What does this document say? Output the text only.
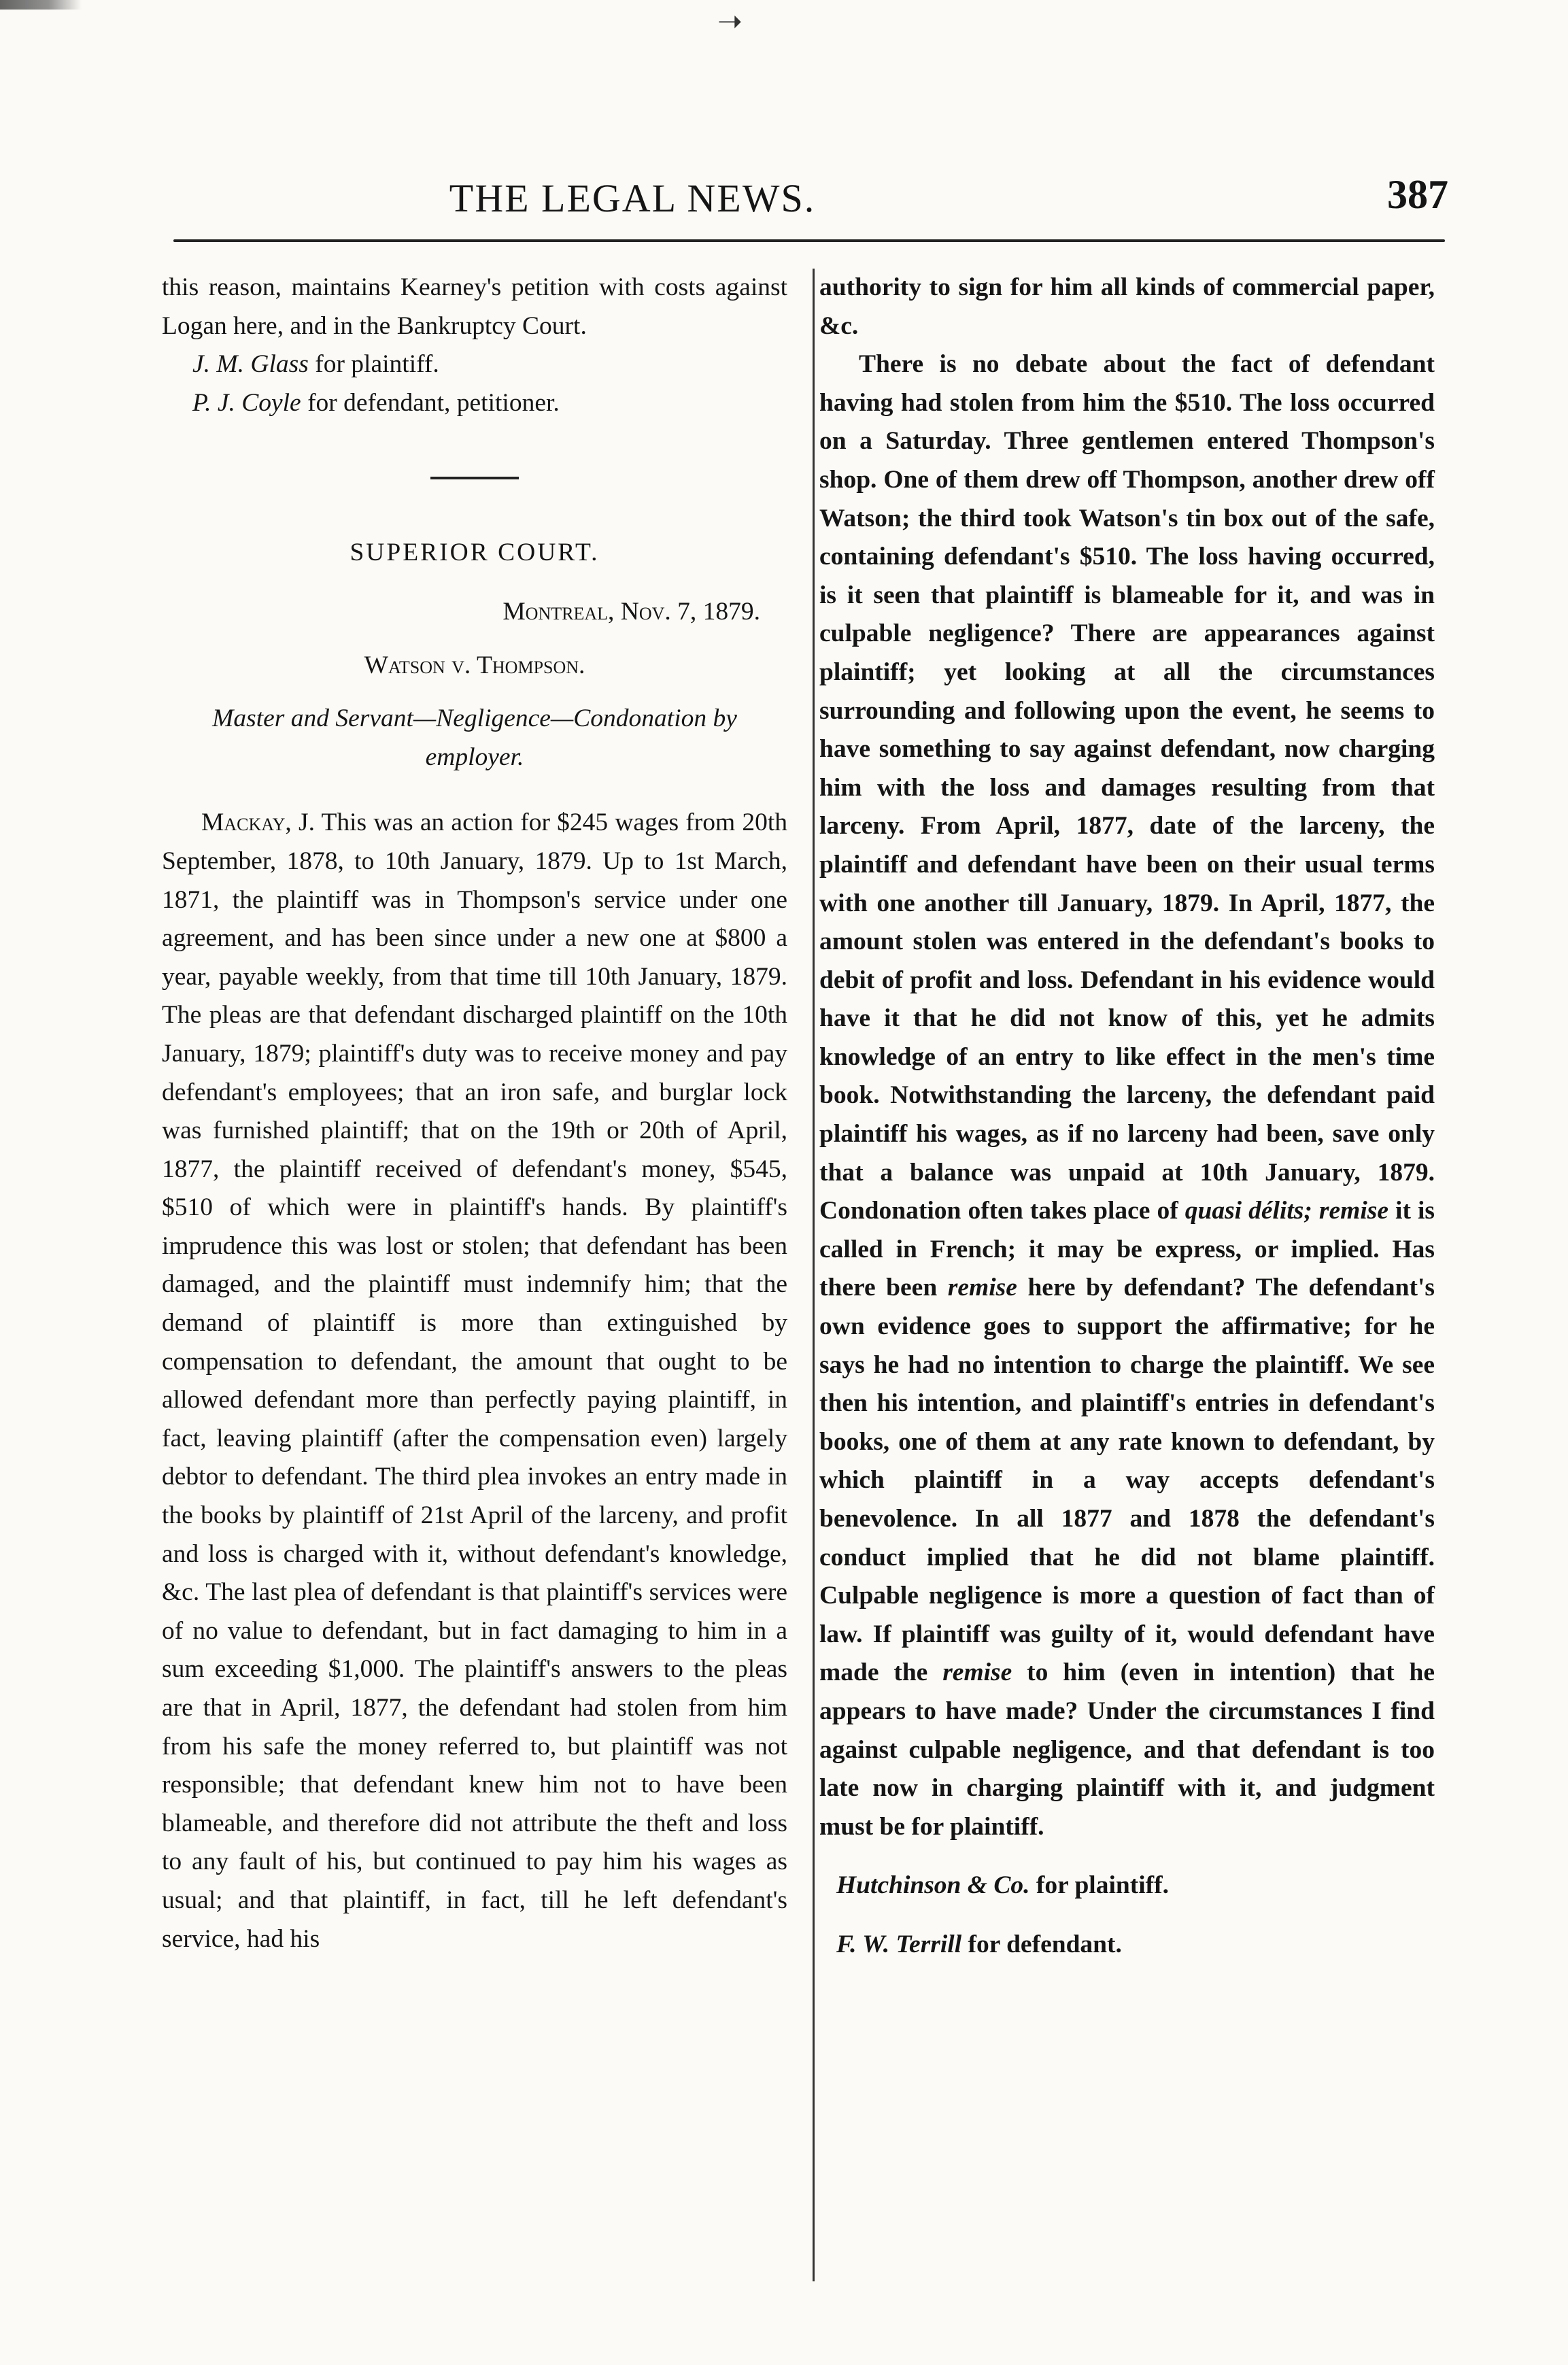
➝
THE LEGAL NEWS.	387

this reason, maintains Kearney's petition with costs against Logan here, and in the Bankruptcy Court.

J. M. Glass for plaintiff.

P. J. Coyle for defendant, petitioner.

SUPERIOR COURT.

Montreal, Nov. 7, 1879.

Watson v. Thompson.

Master and Servant—Negligence—Condonation by employer.

Mackay, J. This was an action for $245 wages from 20th September, 1878, to 10th January, 1879. Up to 1st March, 1871, the plaintiff was in Thompson's service under one agreement, and has been since under a new one at $800 a year, payable weekly, from that time till 10th January, 1879. The pleas are that defendant discharged plaintiff on the 10th January, 1879; plaintiff's duty was to receive money and pay defendant's employees; that an iron safe, and burglar lock was furnished plaintiff; that on the 19th or 20th of April, 1877, the plaintiff received of defendant's money, $545, $510 of which were in plaintiff's hands. By plaintiff's imprudence this was lost or stolen; that defendant has been damaged, and the plaintiff must indemnify him; that the demand of plaintiff is more than extinguished by compensation to defendant, the amount that ought to be allowed defendant more than perfectly paying plaintiff, in fact, leaving plaintiff (after the compensation even) largely debtor to defendant. The third plea invokes an entry made in the books by plaintiff of 21st April of the larceny, and profit and loss is charged with it, without defendant's knowledge, &c. The last plea of defendant is that plaintiff's services were of no value to defendant, but in fact damaging to him in a sum exceeding $1,000. The plaintiff's answers to the pleas are that in April, 1877, the defendant had stolen from him from his safe the money referred to, but plaintiff was not responsible; that defendant knew him not to have been blameable, and therefore did not attribute the theft and loss to any fault of his, but continued to pay him his wages as usual; and that plaintiff, in fact, till he left defendant's service, had his

authority to sign for him all kinds of commercial paper, &c.

There is no debate about the fact of defendant having had stolen from him the $510. The loss occurred on a Saturday. Three gentlemen entered Thompson's shop. One of them drew off Thompson, another drew off Watson; the third took Watson's tin box out of the safe, containing defendant's $510. The loss having occurred, is it seen that plaintiff is blameable for it, and was in culpable negligence? There are appearances against plaintiff; yet looking at all the circumstances surrounding and following upon the event, he seems to have something to say against defendant, now charging him with the loss and damages resulting from that larceny. From April, 1877, date of the larceny, the plaintiff and defendant have been on their usual terms with one another till January, 1879. In April, 1877, the amount stolen was entered in the defendant's books to debit of profit and loss. Defendant in his evidence would have it that he did not know of this, yet he admits knowledge of an entry to like effect in the men's time book. Notwithstanding the larceny, the defendant paid plaintiff his wages, as if no larceny had been, save only that a balance was unpaid at 10th January, 1879. Condonation often takes place of quasi délits; remise it is called in French; it may be express, or implied. Has there been remise here by defendant? The defendant's own evidence goes to support the affirmative; for he says he had no intention to charge the plaintiff. We see then his intention, and plaintiff's entries in defendant's books, one of them at any rate known to defendant, by which plaintiff in a way accepts defendant's benevolence. In all 1877 and 1878 the defendant's conduct implied that he did not blame plaintiff. Culpable negligence is more a question of fact than of law. If plaintiff was guilty of it, would defendant have made the remise to him (even in intention) that he appears to have made? Under the circumstances I find against culpable negligence, and that defendant is too late now in charging plaintiff with it, and judgment must be for plaintiff.

Hutchinson & Co. for plaintiff.

F. W. Terrill for defendant.
